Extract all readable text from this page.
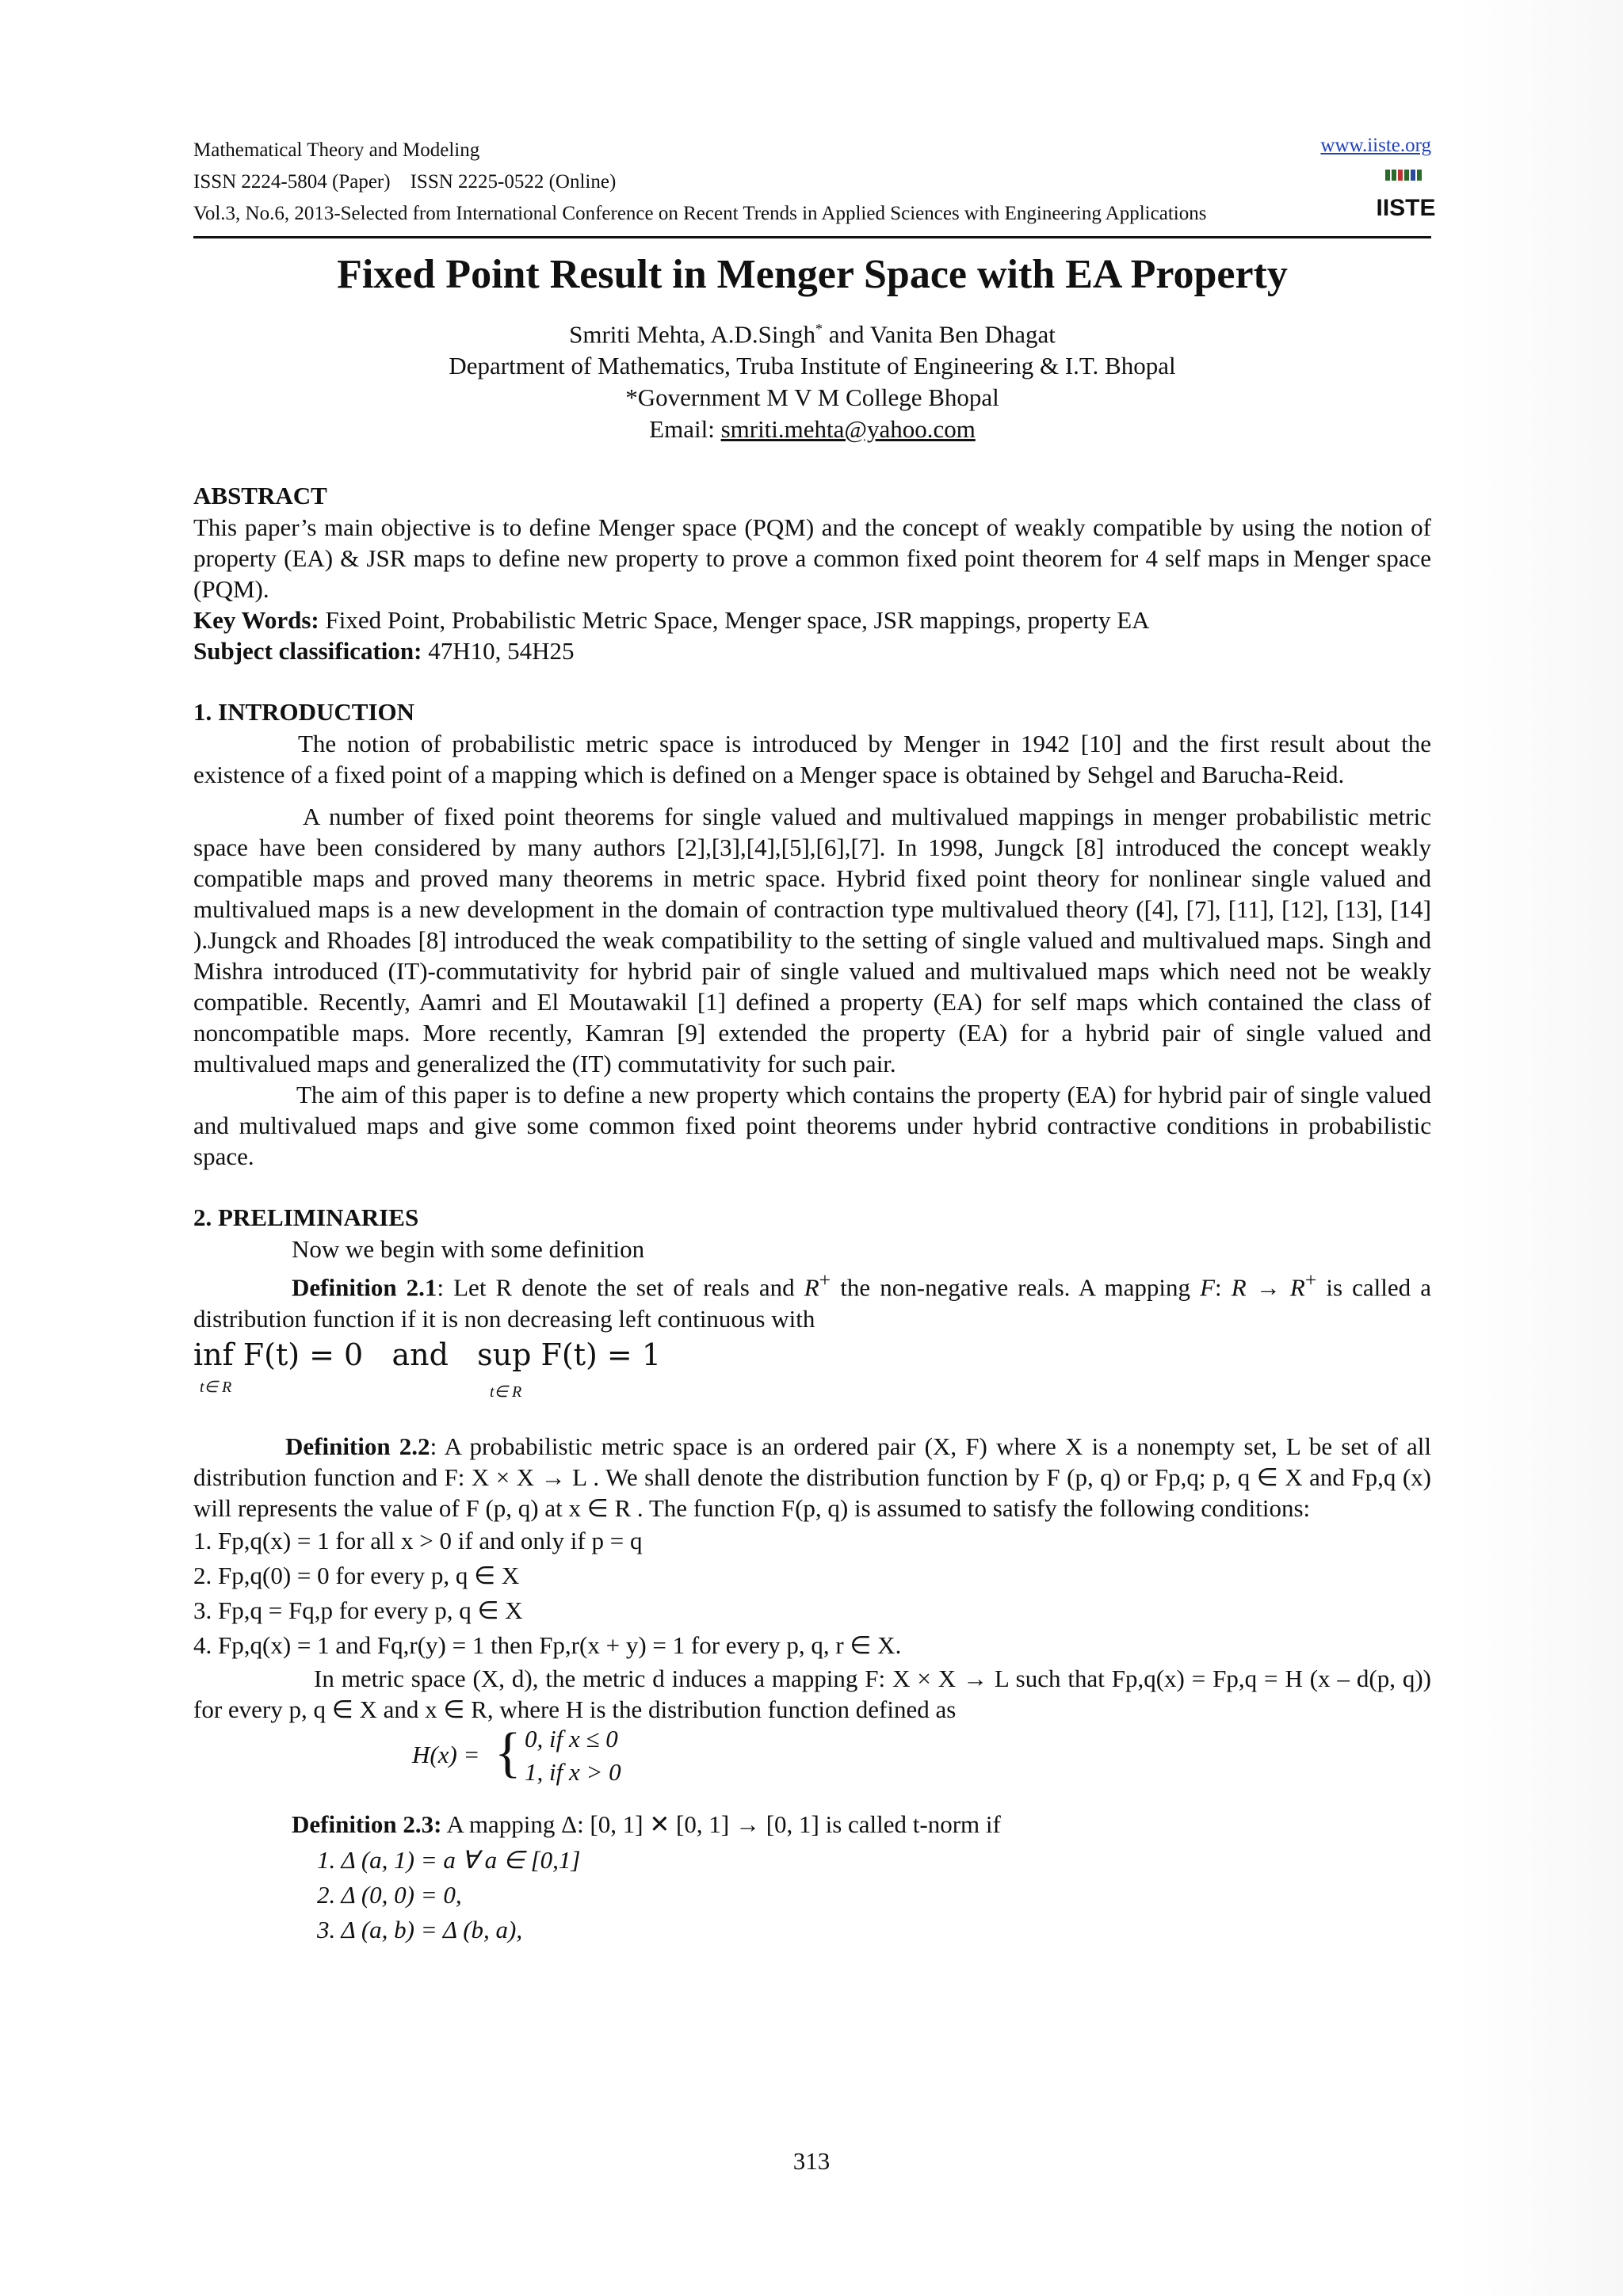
Mathematical Theory and Modeling
ISSN 2224-5804 (Paper)    ISSN 2225-0522 (Online)
Vol.3, No.6, 2013-Selected from International Conference on Recent Trends in Applied Sciences with Engineering Applications
www.iiste.org
IISTE
Fixed Point Result in Menger Space with EA Property
Smriti Mehta, A.D.Singh* and Vanita Ben Dhagat
Department of Mathematics, Truba Institute of Engineering & I.T. Bhopal
*Government M V M College Bhopal
Email: smriti.mehta@yahoo.com
ABSTRACT
This paper’s main objective is to define Menger space (PQM) and the concept of weakly compatible by using the notion of property (EA) & JSR maps to define new property to prove a common fixed point theorem for 4 self maps in Menger space (PQM).
Key Words: Fixed Point, Probabilistic Metric Space, Menger space, JSR mappings, property EA
Subject classification: 47H10, 54H25
1. INTRODUCTION
The notion of probabilistic metric space is introduced by Menger in 1942 [10] and the first result about the existence of a fixed point of a mapping which is defined on a Menger space is obtained by Sehgel and Barucha-Reid.
A number of fixed point theorems for single valued and multivalued mappings in menger probabilistic metric space have been considered by many authors [2],[3],[4],[5],[6],[7]. In 1998, Jungck [8] introduced the concept weakly compatible maps and proved many theorems in metric space. Hybrid fixed point theory for nonlinear single valued and multivalued maps is a new development in the domain of contraction type multivalued theory ([4], [7], [11], [12], [13], [14] ).Jungck and Rhoades [8] introduced the weak compatibility to the setting of single valued and multivalued maps. Singh and Mishra introduced (IT)-commutativity for hybrid pair of single valued and multivalued maps which need not be weakly compatible. Recently, Aamri and El Moutawakil [1] defined a property (EA) for self maps which contained the class of noncompatible maps. More recently, Kamran [9] extended the property (EA) for a hybrid pair of single valued and multivalued maps and generalized the (IT) commutativity for such pair.
The aim of this paper is to define a new property which contains the property (EA) for hybrid pair of single valued and multivalued maps and give some common fixed point theorems under hybrid contractive conditions in probabilistic space.
2. PRELIMINARIES
Now we begin with some definition
Definition 2.1: Let R denote the set of reals and R+ the non-negative reals. A mapping F: R → R+ is called a distribution function if it is non decreasing left continuous with
inf F(t) = 0   and   sup F(t) = 1
t∈ R	t∈ R
Definition 2.2: A probabilistic metric space is an ordered pair (X, F) where X is a nonempty set, L be set of all distribution function and F: X × X → L . We shall denote the distribution function by F (p, q) or Fp,q; p, q ∈ X and Fp,q (x) will represents the value of F (p, q) at x ∈ R . The function F(p, q) is assumed to satisfy the following conditions:
1. Fp,q(x) = 1 for all x > 0 if and only if p = q
2. Fp,q(0) = 0 for every p, q ∈ X
3. Fp,q = Fq,p for every p, q ∈ X
4. Fp,q(x) = 1 and Fq,r(y) = 1 then Fp,r(x + y) = 1 for every p, q, r ∈ X.
In metric space (X, d), the metric d induces a mapping F: X × X → L such that Fp,q(x) = Fp,q = H (x – d(p, q)) for every p, q ∈ X and x ∈ R, where H is the distribution function defined as
H(x) = { 0, if x ≤ 0
1, if x > 0
Definition 2.3: A mapping Δ: [0, 1] ✕ [0, 1] → [0, 1] is called t-norm if
1. Δ (a, 1) = a ∀ a ∈ [0,1]
2. Δ (0, 0) = 0,
3. Δ (a, b) = Δ (b, a),
313
